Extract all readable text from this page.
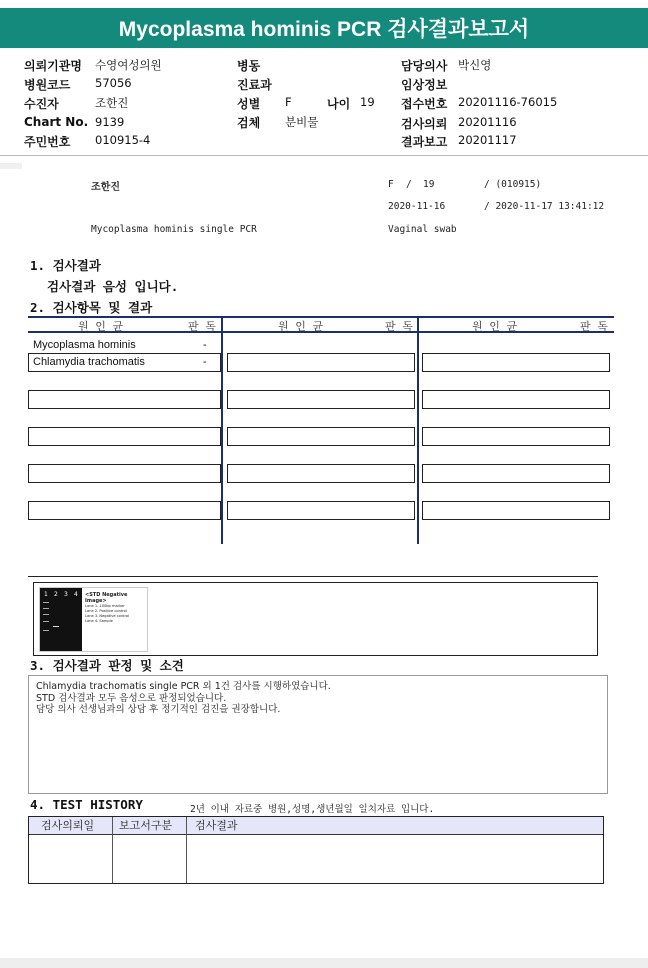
Mycoplasma hominis PCR 검사결과보고서
의뢰기관명 수영여성의원
병원코드 57056
수진자	조한진
Chart No. 9139
주민번호 010915-4
병동
진료과
성별 F	나이 19
검체 분비물
담당의사 박신영
임상정보
접수번호 20201116-76015
검사의뢰 20201116
결과보고 20201117
조한진	F / 19	/ (010915)
2020-11-16	/ 2020-11-17 13:41:12
Mycoplasma hominis single PCR	Vaginal swab
1. 검사결과
검사결과 음성 입니다.
2. 검사항목 및 결과
원 인 균	판 독	원 인 균	판 독	원 인 균	판 독
Mycoplasma hominis	-
Chlamydia trachomatis	-
1 2 3 4 <STD Negative Image>
Lane 1. 100bp marker
Lane 2. Positive control
Lane 3. Negative control
Lane 4. Sample
3. 검사결과 판정 및 소견
Chlamydia trachomatis single PCR 외 1건 검사를 시행하였습니다.
STD 검사결과 모두 음성으로 판정되었습니다.
담당 의사 선생님과의 상담 후 정기적인 검진을 권장합니다.
4. TEST HISTORY	2년 이내 자료중 병원,성명,생년월일 일치자료 입니다.
검사의뢰일	보고서구분	검사결과
